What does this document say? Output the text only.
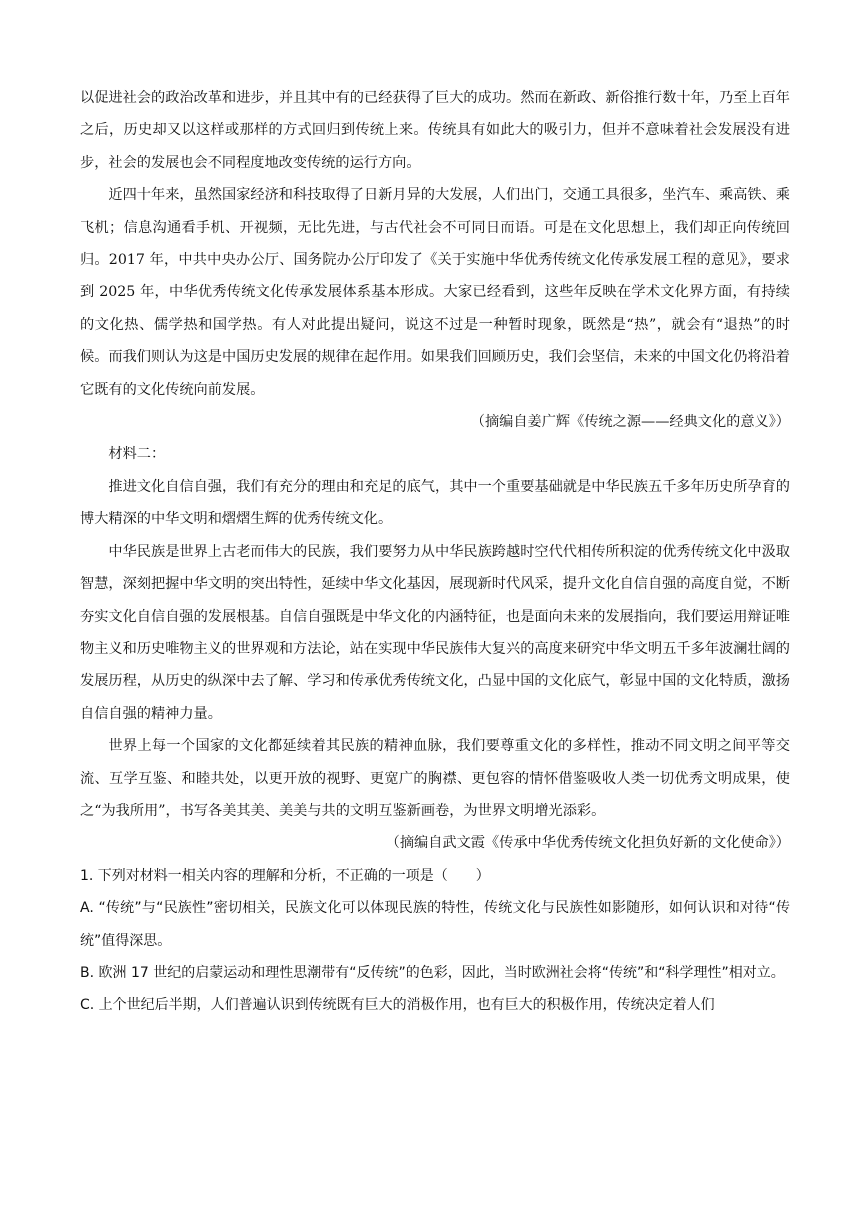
以促进社会的政治改革和进步，并且其中有的已经获得了巨大的成功。然而在新政、新俗推行数十年，乃至上百年之后，历史却又以这样或那样的方式回归到传统上来。传统具有如此大的吸引力，但并不意味着社会发展没有进步，社会的发展也会不同程度地改变传统的运行方向。

近四十年来，虽然国家经济和科技取得了日新月异的大发展，人们出门，交通工具很多，坐汽车、乘高铁、乘飞机；信息沟通看手机、开视频，无比先进，与古代社会不可同日而语。可是在文化思想上，我们却正向传统回归。2017 年，中共中央办公厅、国务院办公厅印发了《关于实施中华优秀传统文化传承发展工程的意见》，要求到 2025 年，中华优秀传统文化传承发展体系基本形成。大家已经看到，这些年反映在学术文化界方面，有持续的文化热、儒学热和国学热。有人对此提出疑问，说这不过是一种暂时现象，既然是“热”，就会有“退热”的时候。而我们则认为这是中国历史发展的规律在起作用。如果我们回顾历史，我们会坚信，未来的中国文化仍将沿着它既有的文化传统向前发展。

（摘编自姜广辉《传统之源——经典文化的意义》）

材料二：

推进文化自信自强，我们有充分的理由和充足的底气，其中一个重要基础就是中华民族五千多年历史所孕育的博大精深的中华文明和熠熠生辉的优秀传统文化。

中华民族是世界上古老而伟大的民族，我们要努力从中华民族跨越时空代代相传所积淀的优秀传统文化中汲取智慧，深刻把握中华文明的突出特性，延续中华文化基因，展现新时代风采，提升文化自信自强的高度自觉，不断夯实文化自信自强的发展根基。自信自强既是中华文化的内涵特征，也是面向未来的发展指向，我们要运用辩证唯物主义和历史唯物主义的世界观和方法论，站在实现中华民族伟大复兴的高度来研究中华文明五千多年波澜壮阔的发展历程，从历史的纵深中去了解、学习和传承优秀传统文化，凸显中国的文化底气，彰显中国的文化特质，激扬自信自强的精神力量。

世界上每一个国家的文化都延续着其民族的精神血脉，我们要尊重文化的多样性，推动不同文明之间平等交流、互学互鉴、和睦共处，以更开放的视野、更宽广的胸襟、更包容的情怀借鉴吸收人类一切优秀文明成果，使之“为我所用”，书写各美其美、美美与共的文明互鉴新画卷，为世界文明增光添彩。

（摘编自武文霞《传承中华优秀传统文化担负好新的文化使命》）

1. 下列对材料一相关内容的理解和分析，不正确的一项是（　　）

A. “传统”与“民族性”密切相关，民族文化可以体现民族的特性，传统文化与民族性如影随形，如何认识和对待“传统”值得深思。

B. 欧洲 17 世纪的启蒙运动和理性思潮带有“反传统”的色彩，因此，当时欧洲社会将“传统”和“科学理性”相对立。

C. 上个世纪后半期，人们普遍认识到传统既有巨大的消极作用，也有巨大的积极作用，传统决定着人们
